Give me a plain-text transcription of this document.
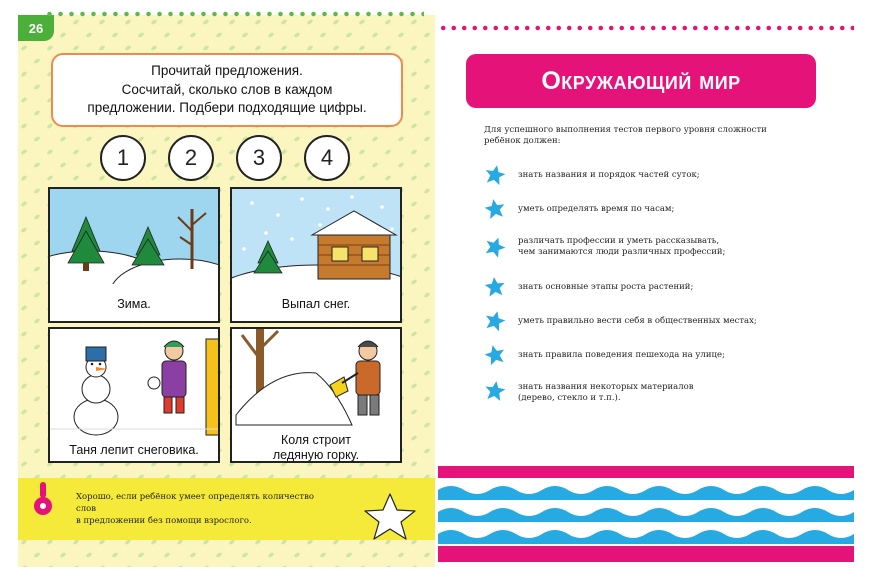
26
Прочитай предложения.
Сосчитай, сколько слов в каждом
предложении. Подбери подходящие цифры.
1	2	3	4
Зима.	Выпал снег.
Таня лепит снеговика.
Коля строит
ледяную горку.
Хорошо, если ребёнок умеет определять количество слов
в предложении без помощи взрослого.
Окружающий мир
Для успешного выполнения тестов первого уровня сложности
ребёнок должен:
знать названия и порядок частей суток;
уметь определять время по часам;
различать профессии и уметь рассказывать,
чем занимаются люди различных профессий;
знать основные этапы роста растений;
уметь правильно вести себя в общественных местах;
знать правила поведения пешехода на улице;
знать названия некоторых материалов
(дерево, стекло и т.п.).
